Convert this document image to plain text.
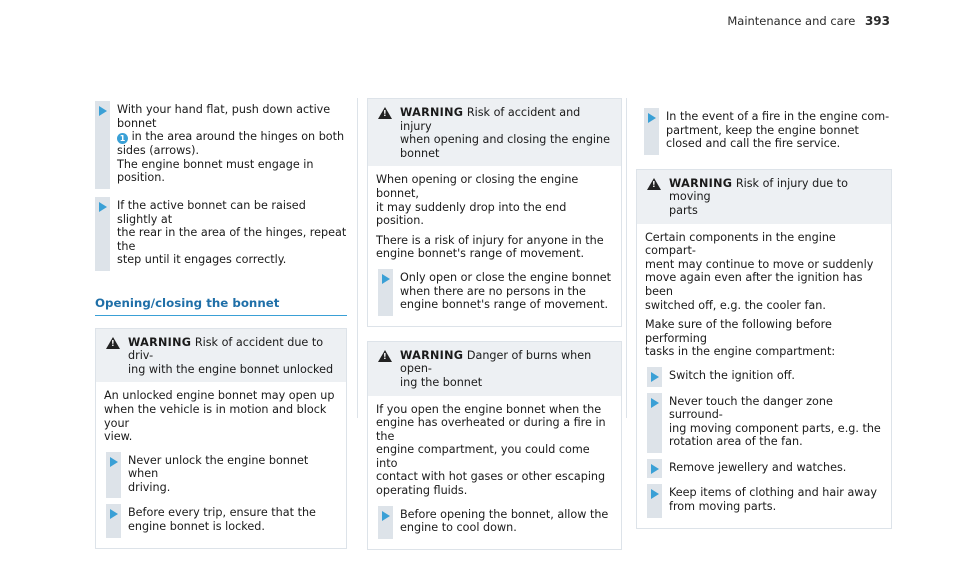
Maintenance and care 393

With your hand flat, push down active bonnet
1 in the area around the hinges on both
sides (arrows).
The engine bonnet must engage in position.

If the active bonnet can be raised slightly at
the rear in the area of the hinges, repeat the
step until it engages correctly.

Opening/closing the bonnet
!
WARNING Risk of accident due to driv-
ing with the engine bonnet unlocked

An unlocked engine bonnet may open up
when the vehicle is in motion and block your
view.

Never unlock the engine bonnet when
driving.

Before every trip, ensure that the
engine bonnet is locked.

!
WARNING Risk of accident and injury
when opening and closing the engine
bonnet

When opening or closing the engine bonnet,
it may suddenly drop into the end position.

There is a risk of injury for anyone in the
engine bonnet's range of movement.

Only open or close the engine bonnet
when there are no persons in the
engine bonnet's range of movement.

!
WARNING Danger of burns when open-
ing the bonnet

If you open the engine bonnet when the
engine has overheated or during a fire in the
engine compartment, you could come into
contact with hot gases or other escaping
operating fluids.

Before opening the bonnet, allow the
engine to cool down.

In the event of a fire in the engine com-
partment, keep the engine bonnet
closed and call the fire service.

!
WARNING Risk of injury due to moving
parts

Certain components in the engine compart-
ment may continue to move or suddenly
move again even after the ignition has been
switched off, e.g. the cooler fan.

Make sure of the following before performing
tasks in the engine compartment:

Switch the ignition off.

Never touch the danger zone surround-
ing moving component parts, e.g. the
rotation area of the fan.

Remove jewellery and watches.

Keep items of clothing and hair away
from moving parts.
